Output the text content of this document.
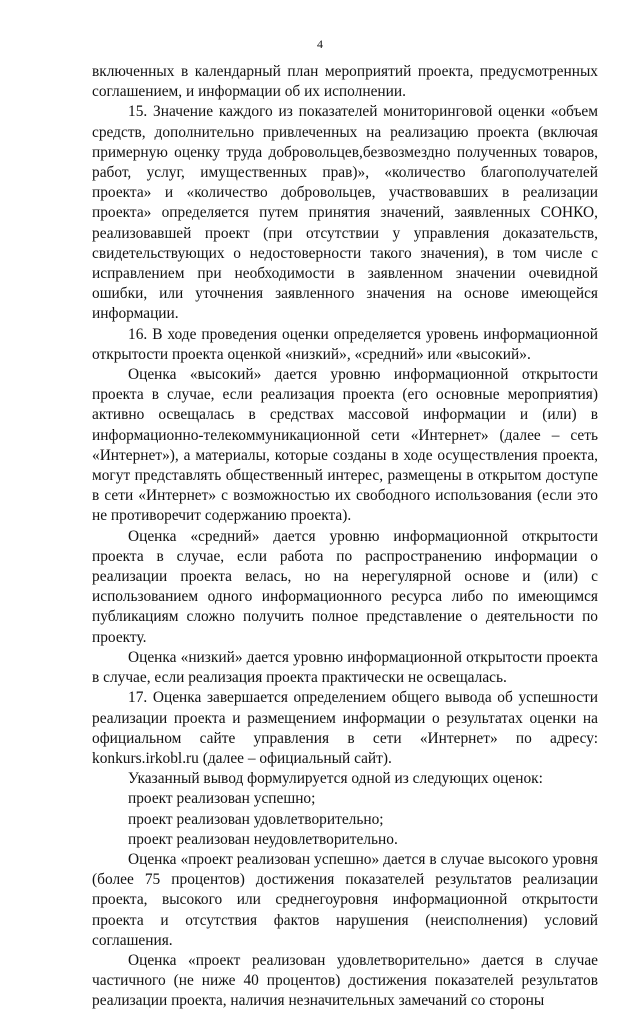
4

включенных в календарный план мероприятий проекта, предусмотренных соглашением, и информации об их исполнении.

15. Значение каждого из показателей мониторинговой оценки «объем средств, дополнительно привлеченных на реализацию проекта (включая примерную оценку труда добровольцев,безвозмездно полученных товаров, работ, услуг, имущественных прав)», «количество благополучателей проекта» и «количество добровольцев, участвовавших в реализации проекта» определяется путем принятия значений, заявленных СОНКО, реализовавшей проект (при отсутствии у управления доказательств, свидетельствующих о недостоверности такого значения), в том числе с исправлением при необходимости в заявленном значении очевидной ошибки, или уточнения заявленного значения на основе имеющейся информации.

16. В ходе проведения оценки определяется уровень информационной открытости проекта оценкой «низкий», «средний» или «высокий».

Оценка «высокий» дается уровню информационной открытости проекта в случае, если реализация проекта (его основные мероприятия) активно освещалась в средствах массовой информации и (или) в информационно-телекоммуникационной сети «Интернет» (далее – сеть «Интернет»), а материалы, которые созданы в ходе осуществления проекта, могут представлять общественный интерес, размещены в открытом доступе в сети «Интернет» с возможностью их свободного использования (если это не противоречит содержанию проекта).

Оценка «средний» дается уровню информационной открытости проекта в случае, если работа по распространению информации о реализации проекта велась, но на нерегулярной основе и (или) с использованием одного информационного ресурса либо по имеющимся публикациям сложно получить полное представление о деятельности по проекту.

Оценка «низкий» дается уровню информационной открытости проекта в случае, если реализация проекта практически не освещалась.

17. Оценка завершается определением общего вывода об успешности реализации проекта и размещением информации о результатах оценки на официальном сайте управления в сети «Интернет» по адресу: konkurs.irkobl.ru (далее – официальный сайт).

Указанный вывод формулируется одной из следующих оценок:

проект реализован успешно;

проект реализован удовлетворительно;

проект реализован неудовлетворительно.

Оценка «проект реализован успешно» дается в случае высокого уровня (более 75 процентов) достижения показателей результатов реализации проекта, высокого или среднегоуровня информационной открытости проекта и отсутствия фактов нарушения (неисполнения) условий соглашения.

Оценка «проект реализован удовлетворительно» дается в случае частичного (не ниже 40 процентов) достижения показателей результатов реализации проекта, наличия незначительных замечаний со стороны
